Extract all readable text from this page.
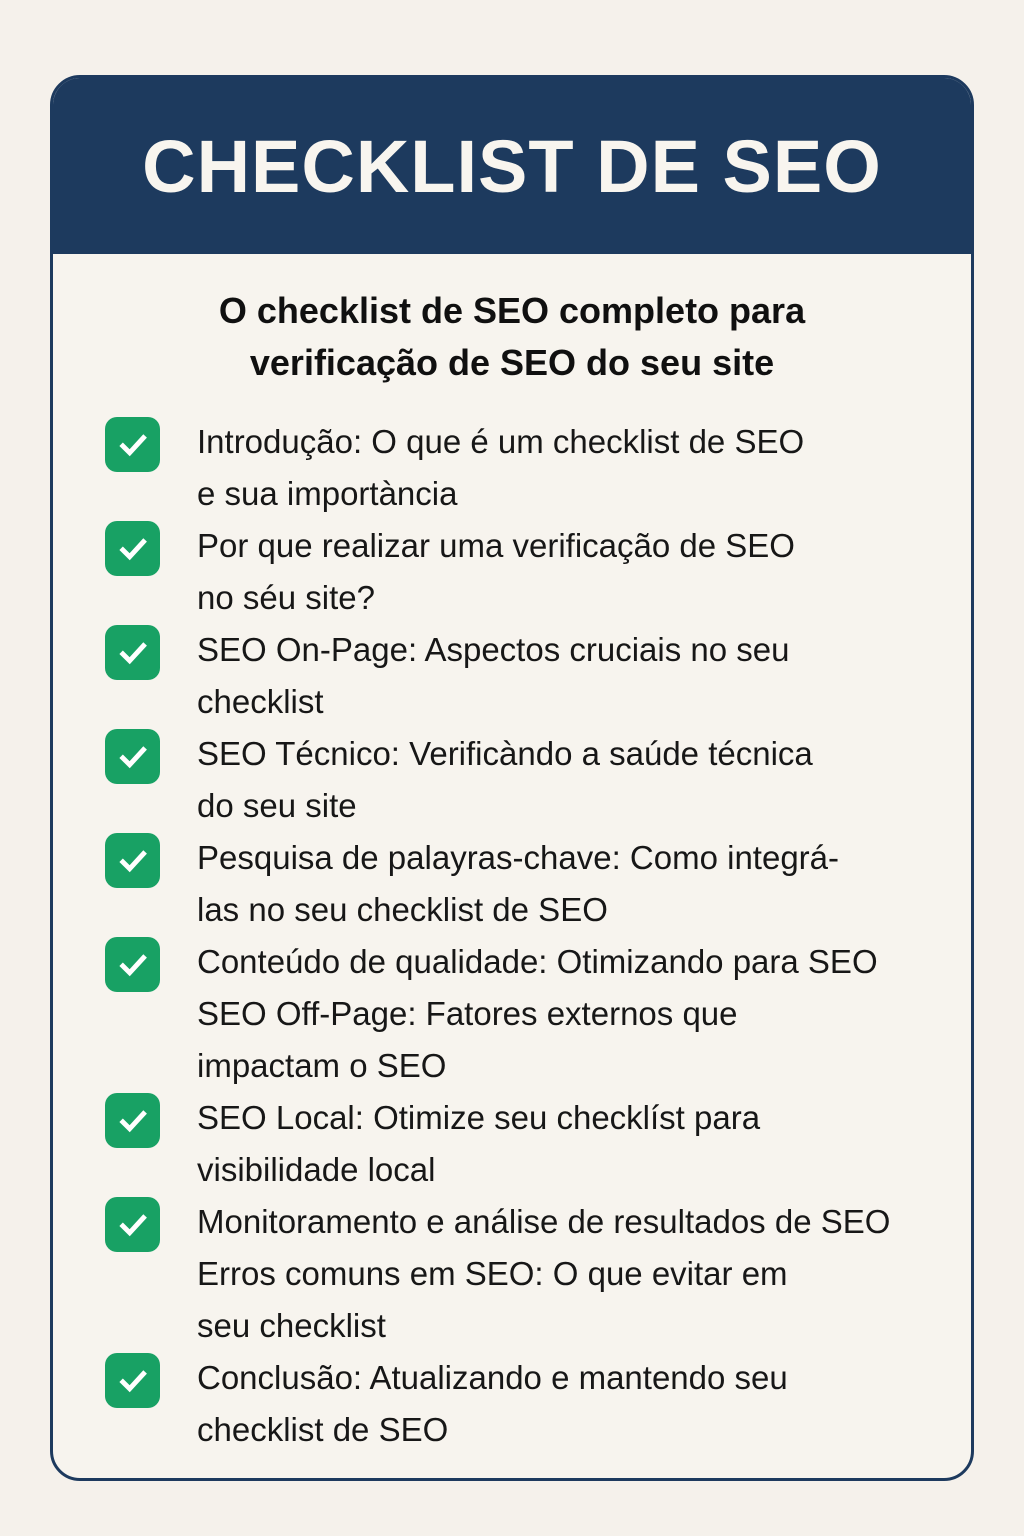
CHECKLIST DE SEO
O checklist de SEO completo para
verificação de SEO do seu site
Introdução: O que é um checklist de SEO
e sua importància
Por que realizar uma verificação de SEO
no séu site?
SEO On-Page: Aspectos cruciais no seu
checklist
SEO Técnico: Verificàndo a saúde técnica
do seu site
Pesquisa de palayras-chave: Como integrá-
las no seu checklist de SEO
Conteúdo de qualidade: Otimizando para SEO
SEO Off-Page: Fatores externos que
impactam o SEO
SEO Local: Otimize seu checklíst para
visibilidade local
Monitoramento e análise de resultados de SEO
Erros comuns em SEO: O que evitar em
seu checklist
Conclusão: Atualizando e mantendo seu
checklist de SEO
